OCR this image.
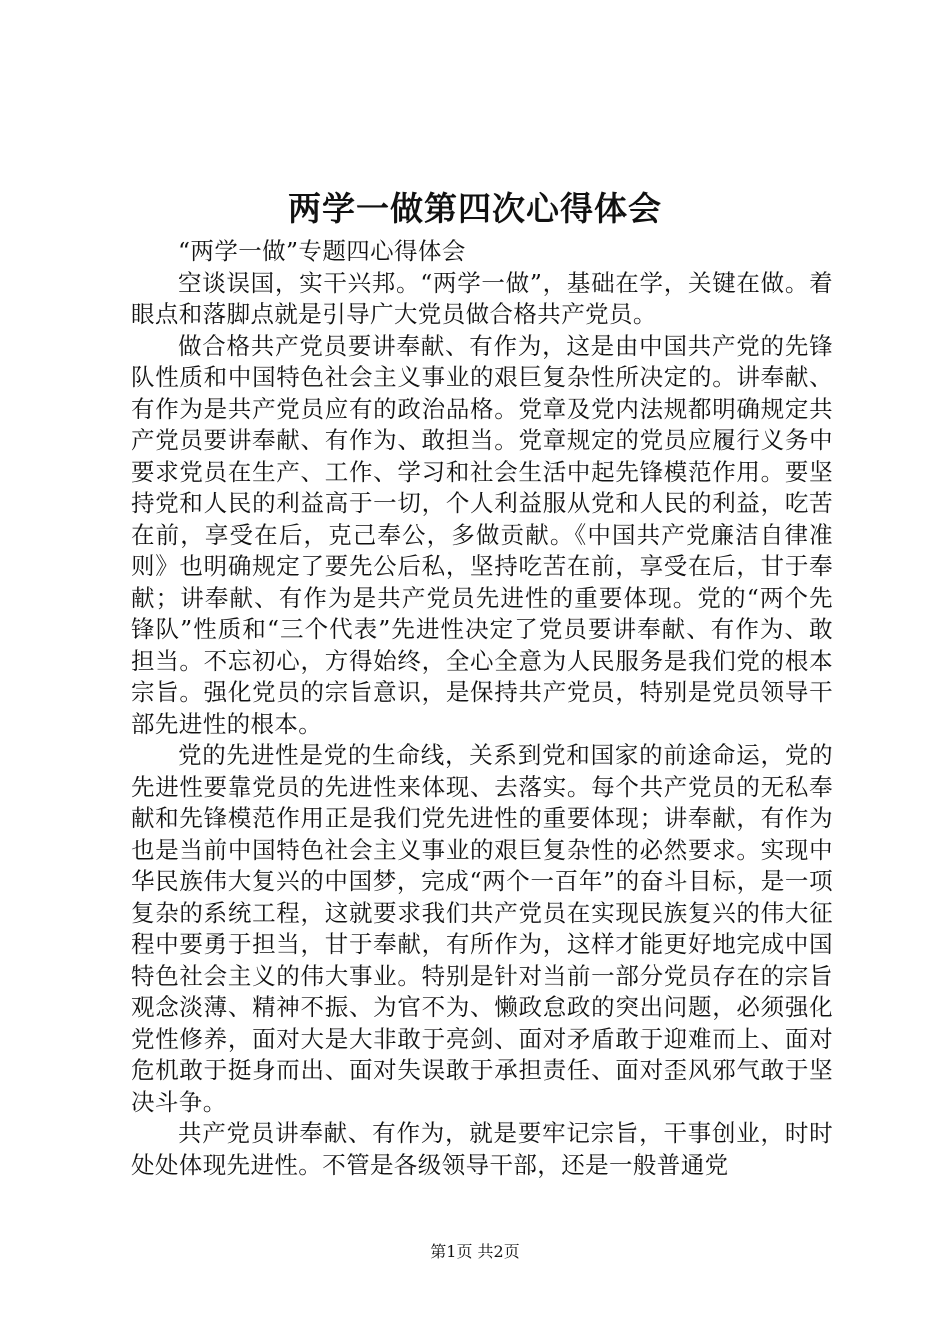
两学一做第四次心得体会

“两学一做”专题四心得体会

空谈误国，实干兴邦。“两学一做”，基础在学，关键在做。着眼点和落脚点就是引导广大党员做合格共产党员。

做合格共产党员要讲奉献、有作为，这是由中国共产党的先锋队性质和中国特色社会主义事业的艰巨复杂性所决定的。讲奉献、有作为是共产党员应有的政治品格。党章及党内法规都明确规定共产党员要讲奉献、有作为、敢担当。党章规定的党员应履行义务中要求党员在生产、工作、学习和社会生活中起先锋模范作用。要坚持党和人民的利益高于一切，个人利益服从党和人民的利益，吃苦在前，享受在后，克己奉公，多做贡献。《中国共产党廉洁自律准则》也明确规定了要先公后私，坚持吃苦在前，享受在后，甘于奉献；讲奉献、有作为是共产党员先进性的重要体现。党的“两个先锋队”性质和“三个代表”先进性决定了党员要讲奉献、有作为、敢担当。不忘初心，方得始终，全心全意为人民服务是我们党的根本宗旨。强化党员的宗旨意识，是保持共产党员，特别是党员领导干部先进性的根本。

党的先进性是党的生命线，关系到党和国家的前途命运，党的先进性要靠党员的先进性来体现、去落实。每个共产党员的无私奉献和先锋模范作用正是我们党先进性的重要体现；讲奉献，有作为也是当前中国特色社会主义事业的艰巨复杂性的必然要求。实现中华民族伟大复兴的中国梦，完成“两个一百年”的奋斗目标，是一项复杂的系统工程，这就要求我们共产党员在实现民族复兴的伟大征程中要勇于担当，甘于奉献，有所作为，这样才能更好地完成中国特色社会主义的伟大事业。特别是针对当前一部分党员存在的宗旨观念淡薄、精神不振、为官不为、懒政怠政的突出问题，必须强化党性修养，面对大是大非敢于亮剑、面对矛盾敢于迎难而上、面对危机敢于挺身而出、面对失误敢于承担责任、面对歪风邪气敢于坚决斗争。

共产党员讲奉献、有作为，就是要牢记宗旨，干事创业，时时处处体现先进性。不管是各级领导干部，还是一般普通党

第1页 共2页
